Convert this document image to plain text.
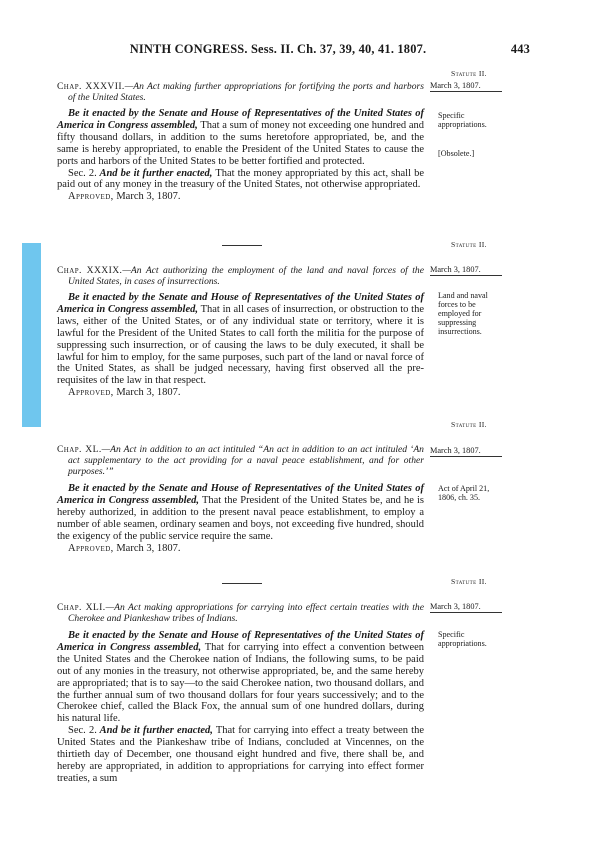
NINTH CONGRESS. Sess. II. Ch. 37, 39, 40, 41. 1807.	443
Statute II.
March 3, 1807.

Chap. XXXVII.—An Act making further appropriations for fortifying the ports and harbors of the United States.

Be it enacted by the Senate and House of Representatives of the United States of America in Congress assembled, That a sum of money not exceeding one hundred and fifty thousand dollars, in addition to the sums heretofore appropriated, be, and the same is hereby appropriated, to enable the President of the United States to cause the ports and harbors of the United States to be better fortified and protected.

Sec. 2. And be it further enacted, That the money appropriated by this act, shall be paid out of any money in the treasury of the United States, not otherwise appropriated.

Approved, March 3, 1807.

Specific appropriations.
[Obsolete.]
Statute II.
March 3, 1807.

Chap. XXXIX.—An Act authorizing the employment of the land and naval forces of the United States, in cases of insurrections.

Be it enacted by the Senate and House of Representatives of the United States of America in Congress assembled, That in all cases of insurrection, or obstruction to the laws, either of the United States, or of any individual state or territory, where it is lawful for the President of the United States to call forth the militia for the purpose of suppressing such insurrection, or of causing the laws to be duly executed, it shall be lawful for him to employ, for the same purposes, such part of the land or naval force of the United States, as shall be judged necessary, having first observed all the pre-requisites of the law in that respect.

Approved, March 3, 1807.

Land and naval forces to be employed for suppressing insurrections.
Statute II.
March 3, 1807.

Chap. XL.—An Act in addition to an act intituled “An act in addition to an act intituled ‘An act supplementary to the act providing for a naval peace establishment, and for other purposes.’”

Be it enacted by the Senate and House of Representatives of the United States of America in Congress assembled, That the President of the United States be, and he is hereby authorized, in addition to the present naval peace establishment, to employ a number of able seamen, ordinary seamen and boys, not exceeding five hundred, should the exigency of the public service require the same.

Approved, March 3, 1807.

Act of April 21, 1806, ch. 35.
Statute II.
March 3, 1807.

Chap. XLI.—An Act making appropriations for carrying into effect certain treaties with the Cherokee and Piankeshaw tribes of Indians.

Be it enacted by the Senate and House of Representatives of the United States of America in Congress assembled, That for carrying into effect a convention between the United States and the Cherokee nation of Indians, the following sums, to be paid out of any monies in the treasury, not otherwise appropriated, be, and the same hereby are appropriated; that is to say—to the said Cherokee nation, two thousand dollars, and the further annual sum of two thousand dollars for four years successively; and to the Cherokee chief, called the Black Fox, the annual sum of one hundred dollars, during his natural life.

Sec. 2. And be it further enacted, That for carrying into effect a treaty between the United States and the Piankeshaw tribe of Indians, concluded at Vincennes, on the thirtieth day of December, one thousand eight hundred and five, there shall be, and hereby are appropriated, in addition to appropriations for carrying into effect former treaties, a sum

Specific appropriations.
